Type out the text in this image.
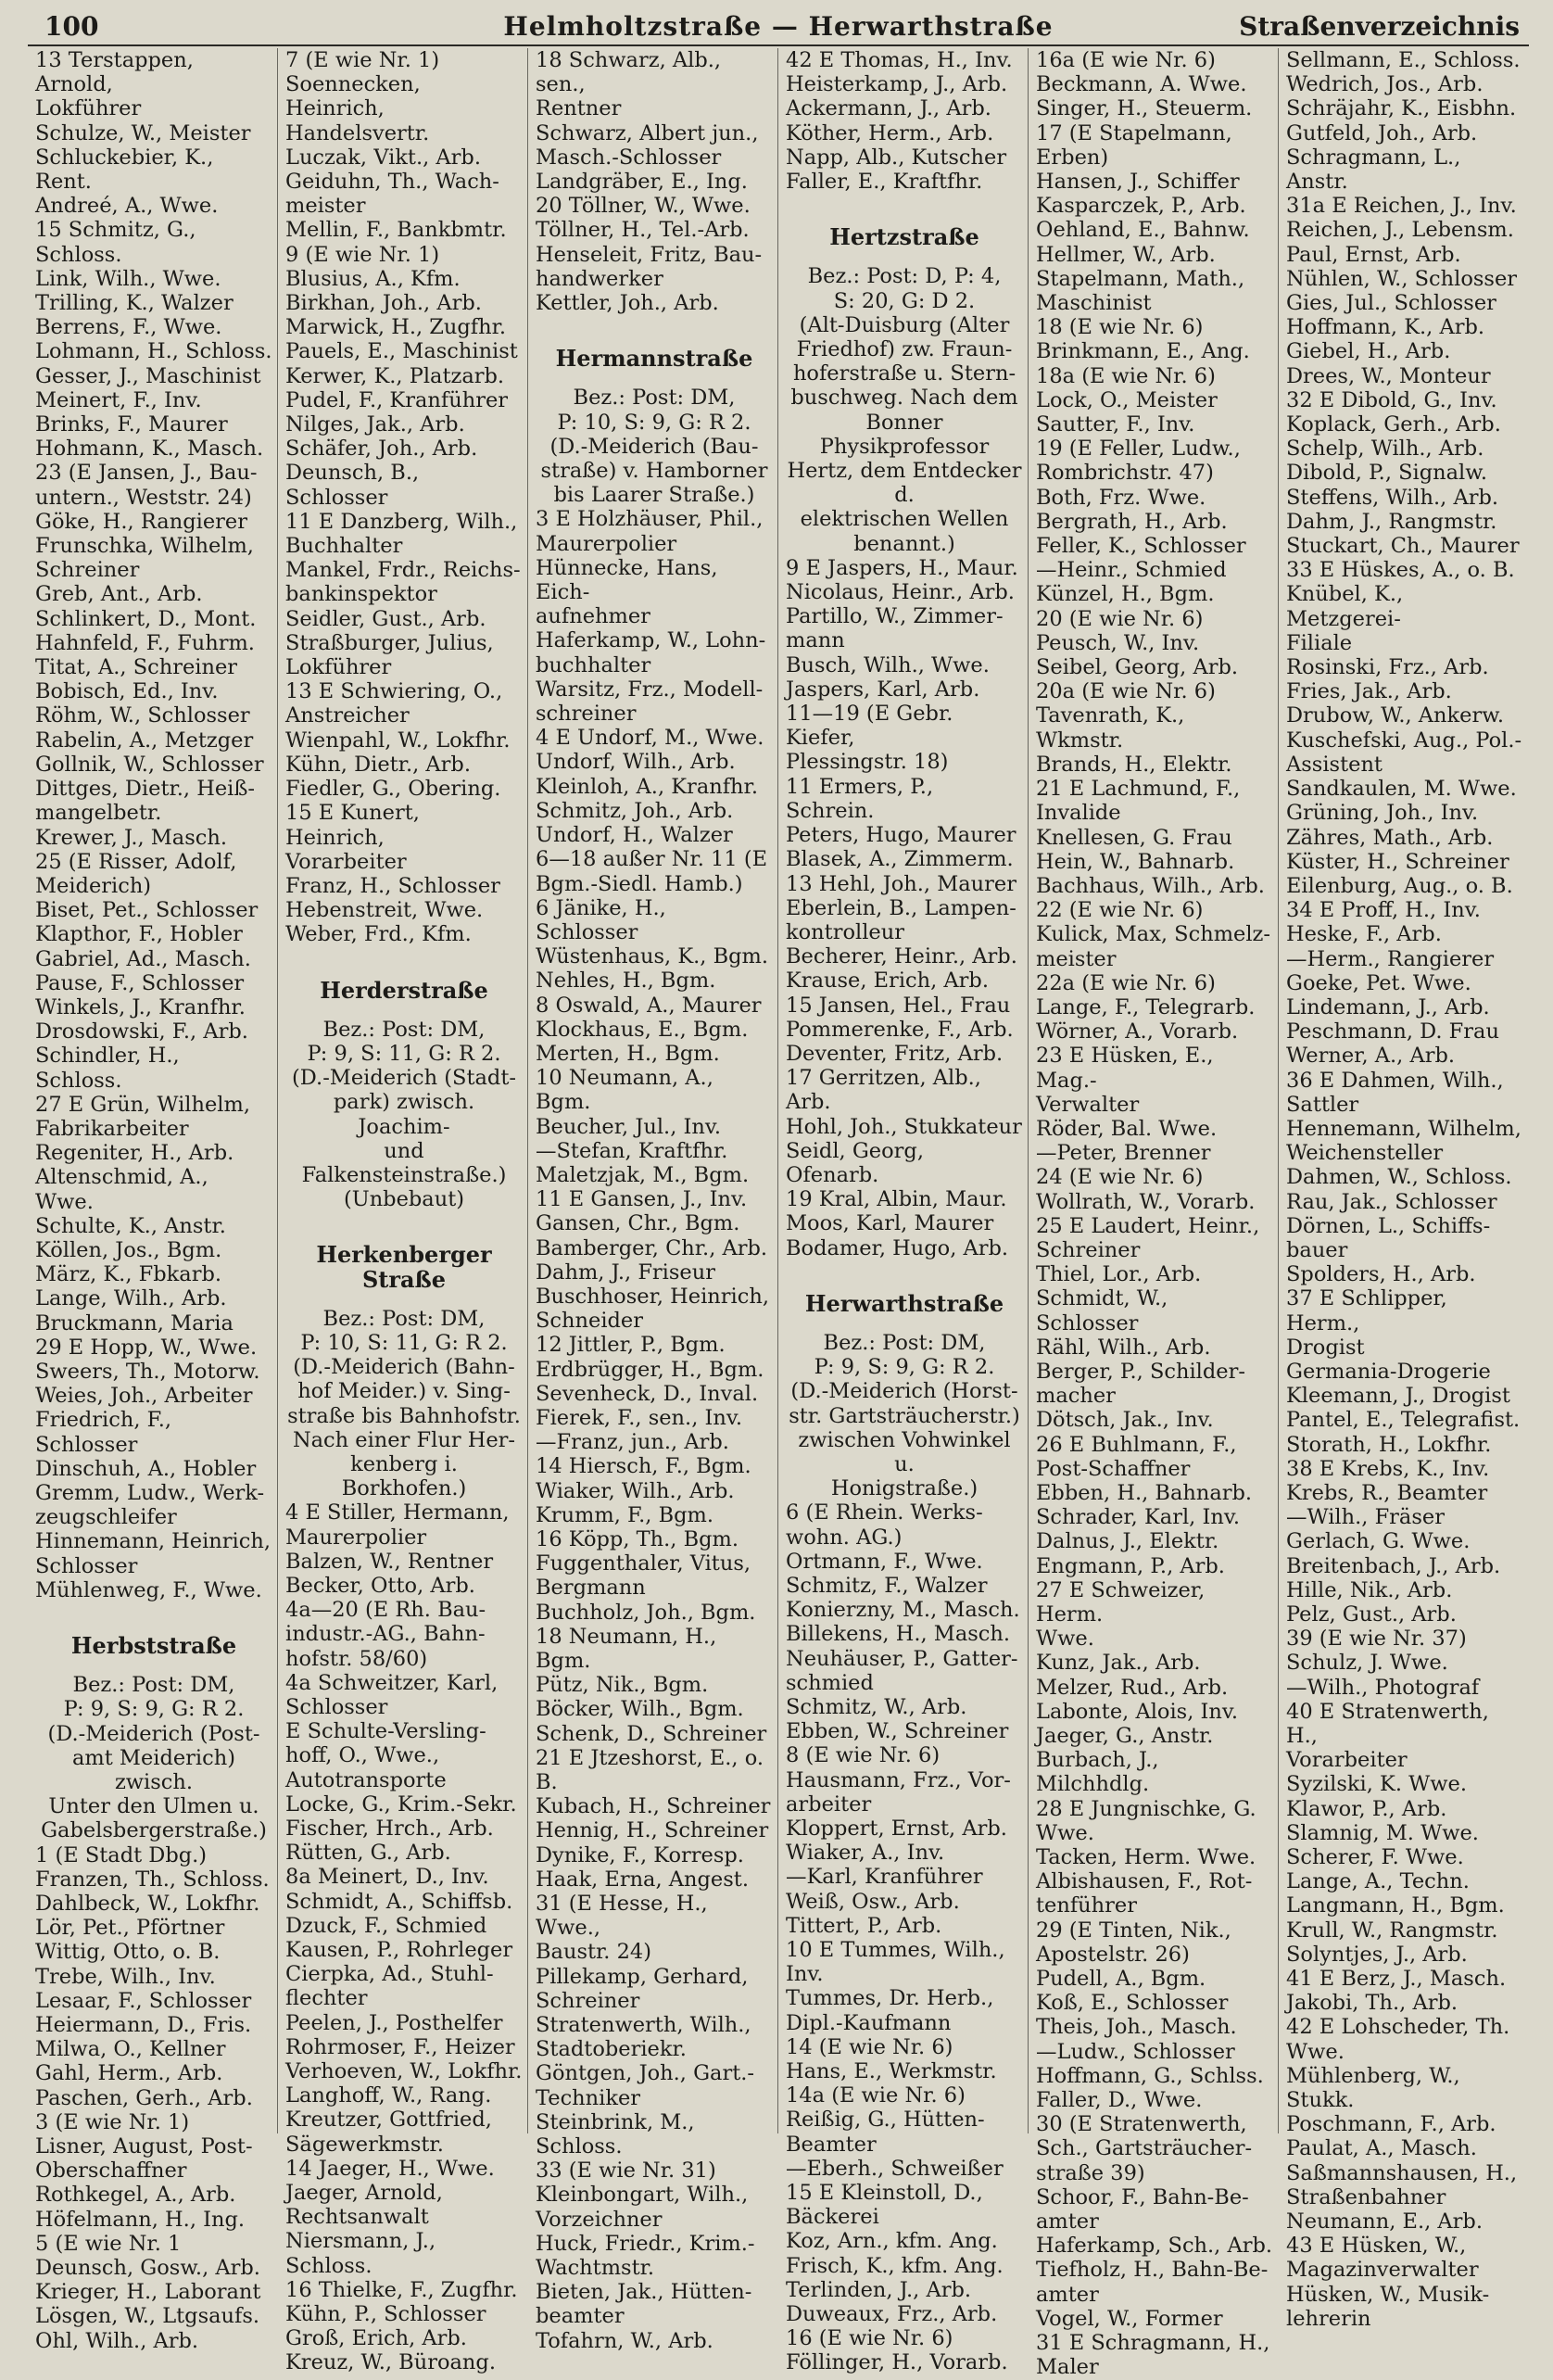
100	Helmholtzstraße — Herwarthstraße	Straßenverzeichnis
13 Terstappen, Arnold,
Lokführer
Schulze, W., Meister
Schluckebier, K., Rent.
Andreé, A., Wwe.
15 Schmitz, G., Schloss.
Link, Wilh., Wwe.
Trilling, K., Walzer
Berrens, F., Wwe.
Lohmann, H., Schloss.
Gesser, J., Maschinist
Meinert, F., Inv.
Brinks, F., Maurer
Hohmann, K., Masch.
23 (E Jansen, J., Bau-
untern., Weststr. 24)
Göke, H., Rangierer
Frunschka, Wilhelm,
Schreiner
Greb, Ant., Arb.
Schlinkert, D., Mont.
Hahnfeld, F., Fuhrm.
Titat, A., Schreiner
Bobisch, Ed., Inv.
Röhm, W., Schlosser
Rabelin, A., Metzger
Gollnik, W., Schlosser
Dittges, Dietr., Heiß-
mangelbetr.
Krewer, J., Masch.
25 (E Risser, Adolf,
Meiderich)
Biset, Pet., Schlosser
Klapthor, F., Hobler
Gabriel, Ad., Masch.
Pause, F., Schlosser
Winkels, J., Kranfhr.
Drosdowski, F., Arb.
Schindler, H., Schloss.
27 E Grün, Wilhelm,
Fabrikarbeiter
Regeniter, H., Arb.
Altenschmid, A., Wwe.
Schulte, K., Anstr.
Köllen, Jos., Bgm.
März, K., Fbkarb.
Lange, Wilh., Arb.
Bruckmann, Maria
29 E Hopp, W., Wwe.
Sweers, Th., Motorw.
Weies, Joh., Arbeiter
Friedrich, F., Schlosser
Dinschuh, A., Hobler
Gremm, Ludw., Werk-
zeugschleifer
Hinnemann, Heinrich,
Schlosser
Mühlenweg, F., Wwe.
Herbststraße
Bez.: Post: DM,
P: 9, S: 9, G: R 2.
(D.-Meiderich (Post-
amt Meiderich) zwisch.
Unter den Ulmen u.
Gabelsbergerstraße.)
1 (E Stadt Dbg.)
Franzen, Th., Schloss.
Dahlbeck, W., Lokfhr.
Lör, Pet., Pförtner
Wittig, Otto, o. B.
Trebe, Wilh., Inv.
Lesaar, F., Schlosser
Heiermann, D., Fris.
Milwa, O., Kellner
Gahl, Herm., Arb.
Paschen, Gerh., Arb.
3 (E wie Nr. 1)
Lisner, August, Post-
Oberschaffner
Rothkegel, A., Arb.
Höfelmann, H., Ing.
5 (E wie Nr. 1
Deunsch, Gosw., Arb.
Krieger, H., Laborant
Lösgen, W., Ltgsaufs.
Ohl, Wilh., Arb.
7 (E wie Nr. 1)
Soennecken, Heinrich,
Handelsvertr.
Luczak, Vikt., Arb.
Geiduhn, Th., Wach-
meister
Mellin, F., Bankbmtr.
9 (E wie Nr. 1)
Blusius, A., Kfm.
Birkhan, Joh., Arb.
Marwick, H., Zugfhr.
Pauels, E., Maschinist
Kerwer, K., Platzarb.
Pudel, F., Kranführer
Nilges, Jak., Arb.
Schäfer, Joh., Arb.
Deunsch, B., Schlosser
11 E Danzberg, Wilh.,
Buchhalter
Mankel, Frdr., Reichs-
bankinspektor
Seidler, Gust., Arb.
Straßburger, Julius,
Lokführer
13 E Schwiering, O.,
Anstreicher
Wienpahl, W., Lokfhr.
Kühn, Dietr., Arb.
Fiedler, G., Obering.
15 E Kunert, Heinrich,
Vorarbeiter
Franz, H., Schlosser
Hebenstreit, Wwe.
Weber, Frd., Kfm.
Herderstraße
Bez.: Post: DM,
P: 9, S: 11, G: R 2.
(D.-Meiderich (Stadt-
park) zwisch. Joachim-
und Falkensteinstraße.)
(Unbebaut)
Herkenberger Straße
Bez.: Post: DM,
P: 10, S: 11, G: R 2.
(D.-Meiderich (Bahn-
hof Meider.) v. Sing-
straße bis Bahnhofstr.
Nach einer Flur Her-
kenberg i. Borkhofen.)
4 E Stiller, Hermann,
Maurerpolier
Balzen, W., Rentner
Becker, Otto, Arb.
4a—20 (E Rh. Bau-
industr.-AG., Bahn-
hofstr. 58/60)
4a Schweitzer, Karl,
Schlosser
E Schulte-Versling-
hoff, O., Wwe.,
Autotransporte
Locke, G., Krim.-Sekr.
Fischer, Hrch., Arb.
Rütten, G., Arb.
8a Meinert, D., Inv.
Schmidt, A., Schiffsb.
Dzuck, F., Schmied
Kausen, P., Rohrleger
Cierpka, Ad., Stuhl-
flechter
Peelen, J., Posthelfer
Rohrmoser, F., Heizer
Verhoeven, W., Lokfhr.
Langhoff, W., Rang.
Kreutzer, Gottfried,
Sägewerkmstr.
14 Jaeger, H., Wwe.
Jaeger, Arnold,
Rechtsanwalt
Niersmann, J., Schloss.
16 Thielke, F., Zugfhr.
Kühn, P., Schlosser
Groß, Erich, Arb.
Kreuz, W., Büroang.
18 Schwarz, Alb., sen.,
Rentner
Schwarz, Albert jun.,
Masch.-Schlosser
Landgräber, E., Ing.
20 Töllner, W., Wwe.
Töllner, H., Tel.-Arb.
Henseleit, Fritz, Bau-
handwerker
Kettler, Joh., Arb.
Hermannstraße
Bez.: Post: DM,
P: 10, S: 9, G: R 2.
(D.-Meiderich (Bau-
straße) v. Hamborner
bis Laarer Straße.)
3 E Holzhäuser, Phil.,
Maurerpolier
Hünnecke, Hans, Eich-
aufnehmer
Haferkamp, W., Lohn-
buchhalter
Warsitz, Frz., Modell-
schreiner
4 E Undorf, M., Wwe.
Undorf, Wilh., Arb.
Kleinloh, A., Kranfhr.
Schmitz, Joh., Arb.
Undorf, H., Walzer
6—18 außer Nr. 11 (E
Bgm.-Siedl. Hamb.)
6 Jänike, H., Schlosser
Wüstenhaus, K., Bgm.
Nehles, H., Bgm.
8 Oswald, A., Maurer
Klockhaus, E., Bgm.
Merten, H., Bgm.
10 Neumann, A., Bgm.
Beucher, Jul., Inv.
—Stefan, Kraftfhr.
Maletzjak, M., Bgm.
11 E Gansen, J., Inv.
Gansen, Chr., Bgm.
Bamberger, Chr., Arb.
Dahm, J., Friseur
Buschhoser, Heinrich,
Schneider
12 Jittler, P., Bgm.
Erdbrügger, H., Bgm.
Sevenheck, D., Inval.
Fierek, F., sen., Inv.
—Franz, jun., Arb.
14 Hiersch, F., Bgm.
Wiaker, Wilh., Arb.
Krumm, F., Bgm.
16 Köpp, Th., Bgm.
Fuggenthaler, Vitus,
Bergmann
Buchholz, Joh., Bgm.
18 Neumann, H., Bgm.
Pütz, Nik., Bgm.
Böcker, Wilh., Bgm.
Schenk, D., Schreiner
21 E Jtzeshorst, E., o. B.
Kubach, H., Schreiner
Hennig, H., Schreiner
Dynike, F., Korresp.
Haak, Erna, Angest.
31 (E Hesse, H., Wwe.,
Baustr. 24)
Pillekamp, Gerhard,
Schreiner
Stratenwerth, Wilh.,
Stadtoberiekr.
Göntgen, Joh., Gart.-
Techniker
Steinbrink, M., Schloss.
33 (E wie Nr. 31)
Kleinbongart, Wilh.,
Vorzeichner
Huck, Friedr., Krim.-
Wachtmstr.
Bieten, Jak., Hütten-
beamter
Tofahrn, W., Arb.
42 E Thomas, H., Inv.
Heisterkamp, J., Arb.
Ackermann, J., Arb.
Köther, Herm., Arb.
Napp, Alb., Kutscher
Faller, E., Kraftfhr.
Hertzstraße
Bez.: Post: D, P: 4,
S: 20, G: D 2.
(Alt-Duisburg (Alter
Friedhof) zw. Fraun-
hoferstraße u. Stern-
buschweg. Nach dem
Bonner Physikprofessor
Hertz, dem Entdecker d.
elektrischen Wellen
benannt.)
9 E Jaspers, H., Maur.
Nicolaus, Heinr., Arb.
Partillo, W., Zimmer-
mann
Busch, Wilh., Wwe.
Jaspers, Karl, Arb.
11—19 (E Gebr. Kiefer,
Plessingstr. 18)
11 Ermers, P., Schrein.
Peters, Hugo, Maurer
Blasek, A., Zimmerm.
13 Hehl, Joh., Maurer
Eberlein, B., Lampen-
kontrolleur
Becherer, Heinr., Arb.
Krause, Erich, Arb.
15 Jansen, Hel., Frau
Pommerenke, F., Arb.
Deventer, Fritz, Arb.
17 Gerritzen, Alb., Arb.
Hohl, Joh., Stukkateur
Seidl, Georg, Ofenarb.
19 Kral, Albin, Maur.
Moos, Karl, Maurer
Bodamer, Hugo, Arb.
Herwarthstraße
Bez.: Post: DM,
P: 9, S: 9, G: R 2.
(D.-Meiderich (Horst-
str. Gartsträucherstr.)
zwischen Vohwinkel u.
Honigstraße.)
6 (E Rhein. Werks-
wohn. AG.)
Ortmann, F., Wwe.
Schmitz, F., Walzer
Konierzny, M., Masch.
Billekens, H., Masch.
Neuhäuser, P., Gatter-
schmied
Schmitz, W., Arb.
Ebben, W., Schreiner
8 (E wie Nr. 6)
Hausmann, Frz., Vor-
arbeiter
Kloppert, Ernst, Arb.
Wiaker, A., Inv.
—Karl, Kranführer
Weiß, Osw., Arb.
Tittert, P., Arb.
10 E Tummes, Wilh.,
Inv.
Tummes, Dr. Herb.,
Dipl.-Kaufmann
14 (E wie Nr. 6)
Hans, E., Werkmstr.
14a (E wie Nr. 6)
Reißig, G., Hütten-
Beamter
—Eberh., Schweißer
15 E Kleinstoll, D.,
Bäckerei
Koz, Arn., kfm. Ang.
Frisch, K., kfm. Ang.
Terlinden, J., Arb.
Duweaux, Frz., Arb.
16 (E wie Nr. 6)
Föllinger, H., Vorarb.
16a (E wie Nr. 6)
Beckmann, A. Wwe.
Singer, H., Steuerm.
17 (E Stapelmann,
Erben)
Hansen, J., Schiffer
Kasparczek, P., Arb.
Oehland, E., Bahnw.
Hellmer, W., Arb.
Stapelmann, Math.,
Maschinist
18 (E wie Nr. 6)
Brinkmann, E., Ang.
18a (E wie Nr. 6)
Lock, O., Meister
Sautter, F., Inv.
19 (E Feller, Ludw.,
Rombrichstr. 47)
Both, Frz. Wwe.
Bergrath, H., Arb.
Feller, K., Schlosser
—Heinr., Schmied
Künzel, H., Bgm.
20 (E wie Nr. 6)
Peusch, W., Inv.
Seibel, Georg, Arb.
20a (E wie Nr. 6)
Tavenrath, K., Wkmstr.
Brands, H., Elektr.
21 E Lachmund, F.,
Invalide
Knellesen, G. Frau
Hein, W., Bahnarb.
Bachhaus, Wilh., Arb.
22 (E wie Nr. 6)
Kulick, Max, Schmelz-
meister
22a (E wie Nr. 6)
Lange, F., Telegrarb.
Wörner, A., Vorarb.
23 E Hüsken, E., Mag.-
Verwalter
Röder, Bal. Wwe.
—Peter, Brenner
24 (E wie Nr. 6)
Wollrath, W., Vorarb.
25 E Laudert, Heinr.,
Schreiner
Thiel, Lor., Arb.
Schmidt, W., Schlosser
Rähl, Wilh., Arb.
Berger, P., Schilder-
macher
Dötsch, Jak., Inv.
26 E Buhlmann, F.,
Post-Schaffner
Ebben, H., Bahnarb.
Schrader, Karl, Inv.
Dalnus, J., Elektr.
Engmann, P., Arb.
27 E Schweizer, Herm.
Wwe.
Kunz, Jak., Arb.
Melzer, Rud., Arb.
Labonte, Alois, Inv.
Jaeger, G., Anstr.
Burbach, J., Milchhdlg.
28 E Jungnischke, G.
Wwe.
Tacken, Herm. Wwe.
Albishausen, F., Rot-
tenführer
29 (E Tinten, Nik.,
Apostelstr. 26)
Pudell, A., Bgm.
Koß, E., Schlosser
Theis, Joh., Masch.
—Ludw., Schlosser
Hoffmann, G., Schlss.
Faller, D., Wwe.
30 (E Stratenwerth,
Sch., Gartsträucher-
straße 39)
Schoor, F., Bahn-Be-
amter
Haferkamp, Sch., Arb.
Tiefholz, H., Bahn-Be-
amter
Vogel, W., Former
31 E Schragmann, H.,
Maler
Sellmann, E., Schloss.
Wedrich, Jos., Arb.
Schräjahr, K., Eisbhn.
Gutfeld, Joh., Arb.
Schragmann, L., Anstr.
31a E Reichen, J., Inv.
Reichen, J., Lebensm.
Paul, Ernst, Arb.
Nühlen, W., Schlosser
Gies, Jul., Schlosser
Hoffmann, K., Arb.
Giebel, H., Arb.
Drees, W., Monteur
32 E Dibold, G., Inv.
Koplack, Gerh., Arb.
Schelp, Wilh., Arb.
Dibold, P., Signalw.
Steffens, Wilh., Arb.
Dahm, J., Rangmstr.
Stuckart, Ch., Maurer
33 E Hüskes, A., o. B.
Knübel, K., Metzgerei-
Filiale
Rosinski, Frz., Arb.
Fries, Jak., Arb.
Drubow, W., Ankerw.
Kuschefski, Aug., Pol.-
Assistent
Sandkaulen, M. Wwe.
Grüning, Joh., Inv.
Zähres, Math., Arb.
Küster, H., Schreiner
Eilenburg, Aug., o. B.
34 E Proff, H., Inv.
Heske, F., Arb.
—Herm., Rangierer
Goeke, Pet. Wwe.
Lindemann, J., Arb.
Peschmann, D. Frau
Werner, A., Arb.
36 E Dahmen, Wilh.,
Sattler
Hennemann, Wilhelm,
Weichensteller
Dahmen, W., Schloss.
Rau, Jak., Schlosser
Dörnen, L., Schiffs-
bauer
Spolders, H., Arb.
37 E Schlipper, Herm.,
Drogist
Germania-Drogerie
Kleemann, J., Drogist
Pantel, E., Telegrafist.
Storath, H., Lokfhr.
38 E Krebs, K., Inv.
Krebs, R., Beamter
—Wilh., Fräser
Gerlach, G. Wwe.
Breitenbach, J., Arb.
Hille, Nik., Arb.
Pelz, Gust., Arb.
39 (E wie Nr. 37)
Schulz, J. Wwe.
—Wilh., Photograf
40 E Stratenwerth, H.,
Vorarbeiter
Syzilski, K. Wwe.
Klawor, P., Arb.
Slamnig, M. Wwe.
Scherer, F. Wwe.
Lange, A., Techn.
Langmann, H., Bgm.
Krull, W., Rangmstr.
Solyntjes, J., Arb.
41 E Berz, J., Masch.
Jakobi, Th., Arb.
42 E Lohscheder, Th.
Wwe.
Mühlenberg, W., Stukk.
Poschmann, F., Arb.
Paulat, A., Masch.
Saßmannshausen, H.,
Straßenbahner
Neumann, E., Arb.
43 E Hüsken, W.,
Magazinverwalter
Hüsken, W., Musik-
lehrerin
